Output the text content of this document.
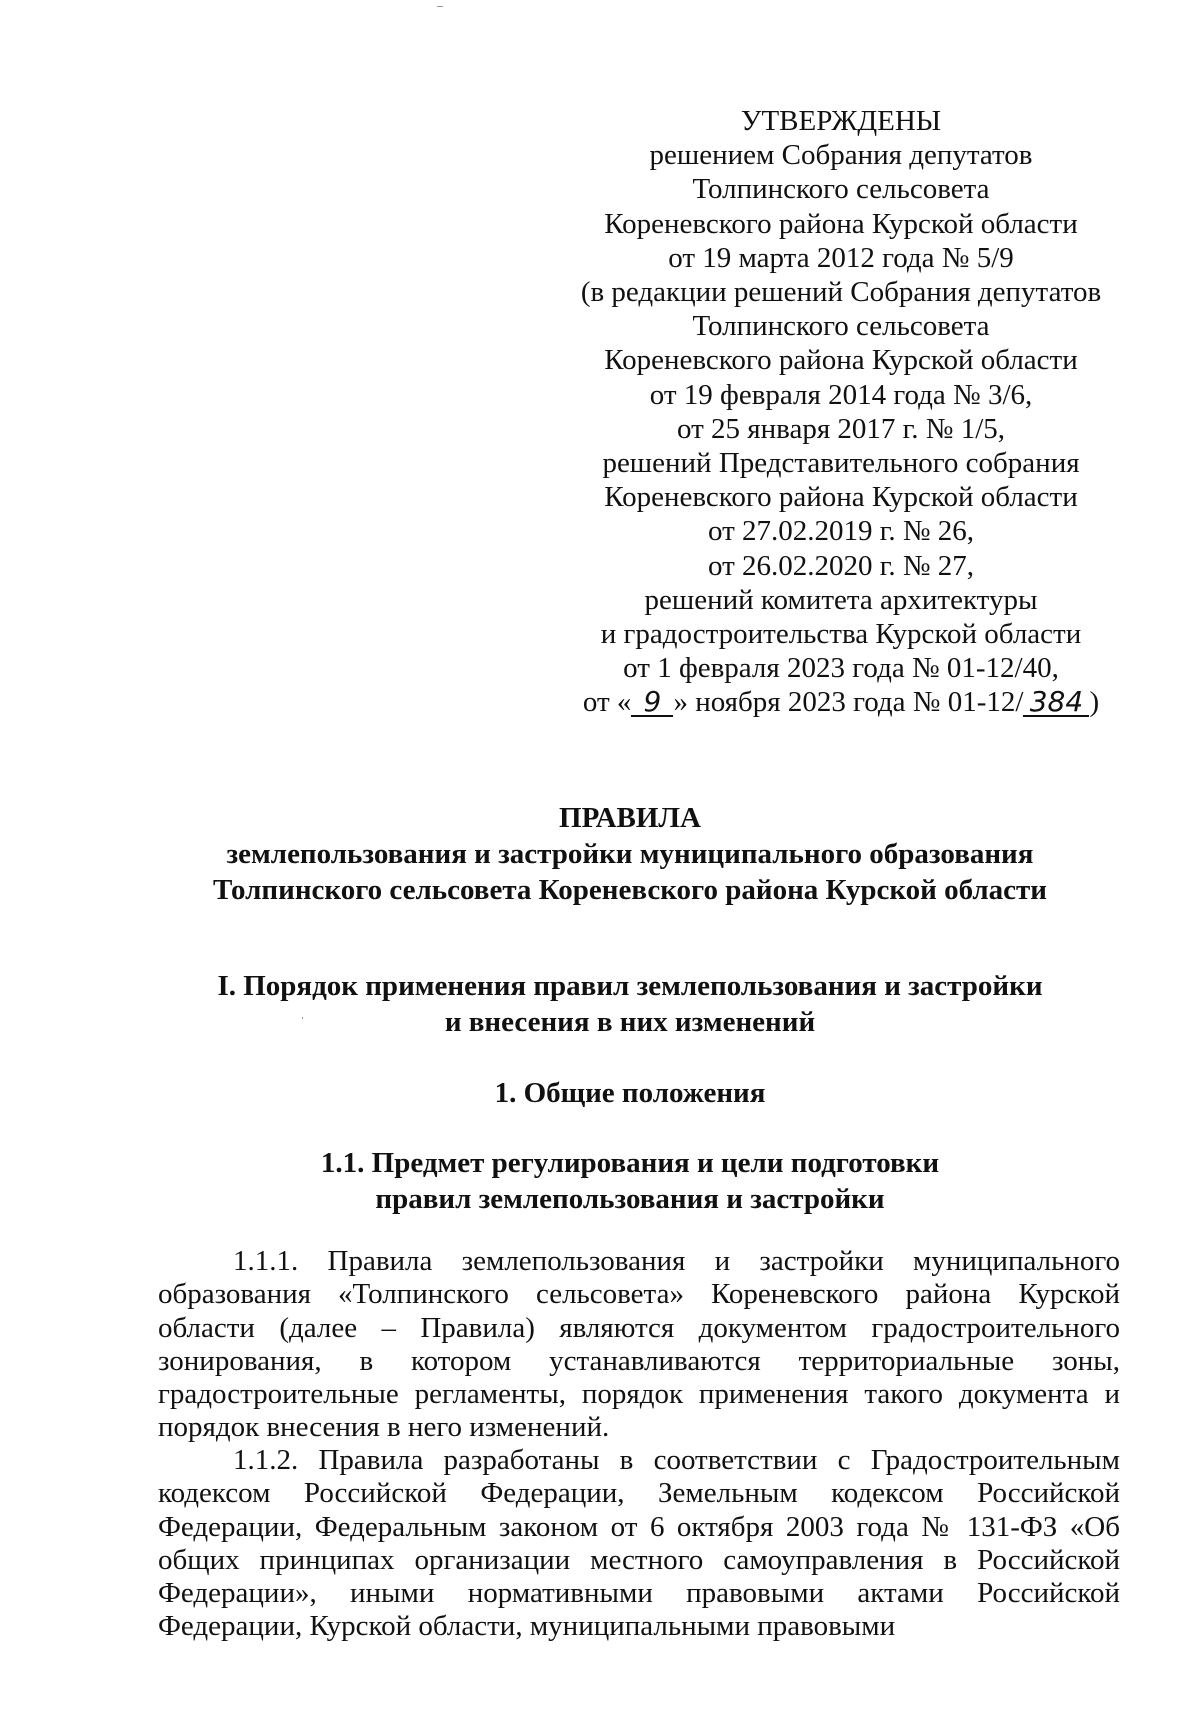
УТВЕРЖДЕНЫ
решением Собрания депутатов
Толпинского сельсовета
Кореневского района Курской области
от 19 марта 2012 года № 5/9
(в редакции решений Собрания депутатов
Толпинского сельсовета
Кореневского района Курской области
от 19 февраля 2014 года № 3/6,
от 25 января 2017 г. № 1/5,
решений Представительного собрания
Кореневского района Курской области
от 27.02.2019 г. № 26,
от 26.02.2020 г. № 27,
решений комитета архитектуры
и градостроительства Курской области
от 1 февраля 2023 года № 01-12/40,
от « 9 » ноября 2023 года № 01-12/ 384 )
ПРАВИЛА
землепользования и застройки муниципального образования
Толпинского сельсовета Кореневского района Курской области
I. Порядок применения правил землепользования и застройки
и внесения в них изменений
1. Общие положения
1.1. Предмет регулирования и цели подготовки
правил землепользования и застройки

1.1.1. Правила землепользования и застройки муниципального образования «Толпинского сельсовета» Кореневского района Курской области (далее – Правила) являются документом градостроительного зонирования, в котором устанавливаются территориальные зоны, градостроительные регламенты, порядок применения такого документа и порядок внесения в него изменений.

1.1.2. Правила разработаны в соответствии с Градостроительным кодексом Российской Федерации, Земельным кодексом Российской Федерации, Федеральным законом от 6 октября 2003 года № 131-ФЗ «Об общих принципах организации местного самоуправления в Российской Федерации», иными нормативными правовыми актами Российской Федерации, Курской области, муниципальными правовыми
